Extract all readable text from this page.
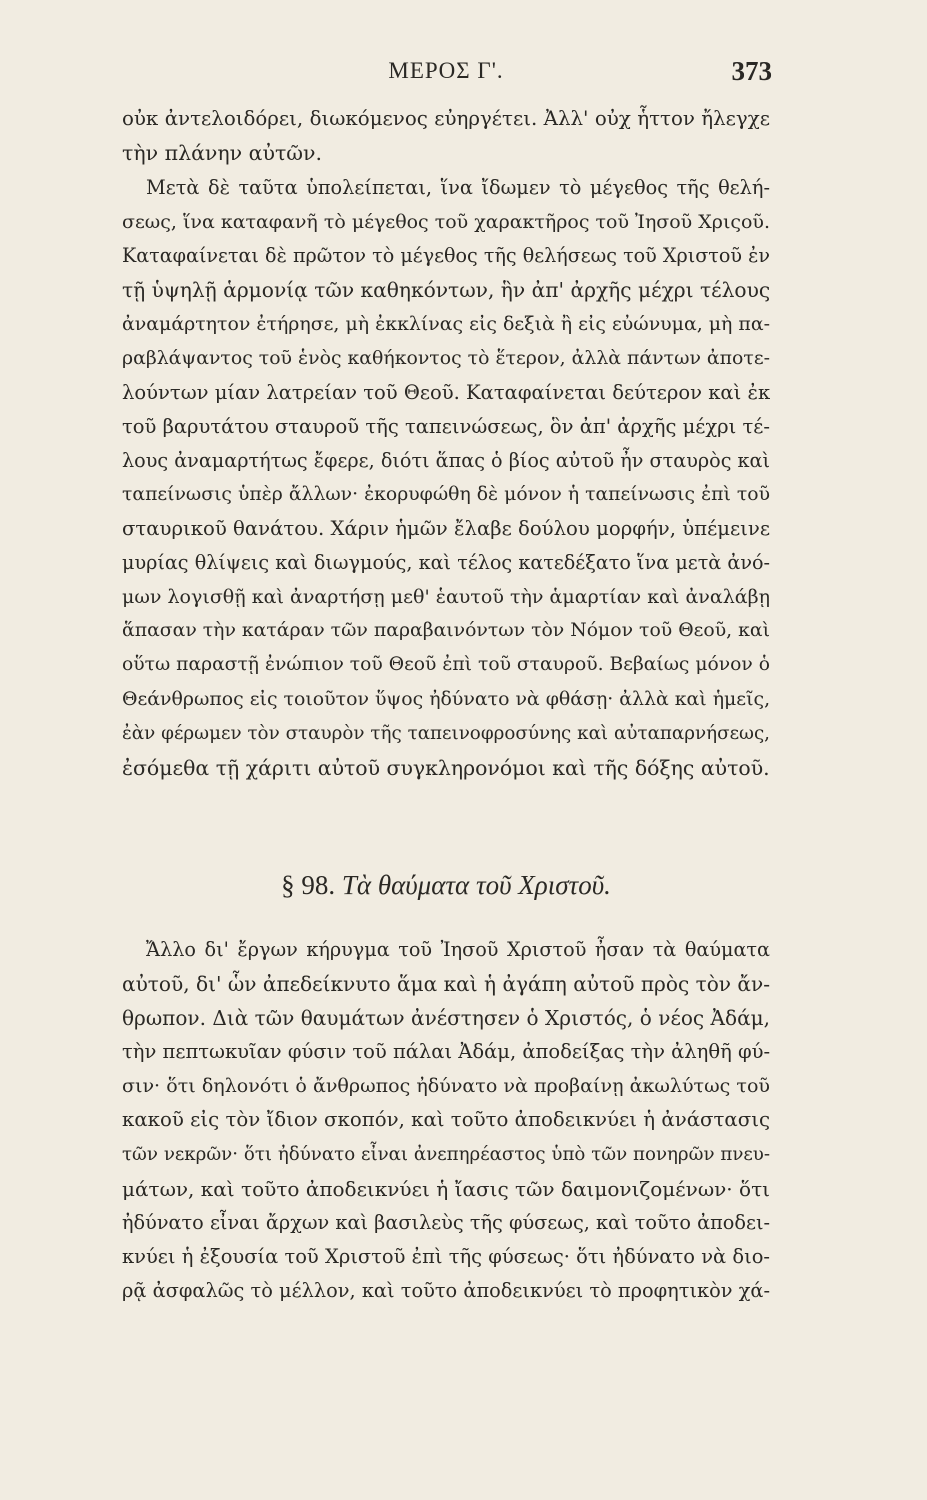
ΜΕΡΟΣ Γ'.	373
οὐκ ἀντελοιδόρει, διωκόμενος εὐηργέτει. Ἀλλ' οὐχ ἧττον ἤλεγχε
τὴν πλάνην αὐτῶν.
Μετὰ δὲ ταῦτα ὑπολείπεται, ἵνα ἴδωμεν τὸ μέγεθος τῆς θελή-
σεως, ἵνα καταφανῆ τὸ μέγεθος τοῦ χαρακτῆρος τοῦ Ἰησοῦ Χριςοῦ.
Καταφαίνεται δὲ πρῶτον τὸ μέγεθος τῆς θελήσεως τοῦ Χριστοῦ ἐν
τῇ ὑψηλῇ ἁρμονίᾳ τῶν καθηκόντων, ἣν ἀπ' ἀρχῆς μέχρι τέλους
ἀναμάρτητον ἐτήρησε, μὴ ἐκκλίνας εἰς δεξιὰ ἢ εἰς εὐώνυμα, μὴ πα-
ραβλάψαντος τοῦ ἑνὸς καθήκοντος τὸ ἕτερον, ἀλλὰ πάντων ἀποτε-
λούντων μίαν λατρείαν τοῦ Θεοῦ. Καταφαίνεται δεύτερον καὶ ἐκ
τοῦ βαρυτάτου σταυροῦ τῆς ταπεινώσεως, ὃν ἀπ' ἀρχῆς μέχρι τέ-
λους ἀναμαρτήτως ἔφερε, διότι ἅπας ὁ βίος αὐτοῦ ἦν σταυρὸς καὶ
ταπείνωσις ὑπὲρ ἄλλων· ἐκορυφώθη δὲ μόνον ἡ ταπείνωσις ἐπὶ τοῦ
σταυρικοῦ θανάτου. Χάριν ἡμῶν ἔλαβε δούλου μορφήν, ὑπέμεινε
μυρίας θλίψεις καὶ διωγμούς, καὶ τέλος κατεδέξατο ἵνα μετὰ ἀνό-
μων λογισθῇ καὶ ἀναρτήσῃ μεθ' ἑαυτοῦ τὴν ἁμαρτίαν καὶ ἀναλάβῃ
ἅπασαν τὴν κατάραν τῶν παραβαινόντων τὸν Νόμον τοῦ Θεοῦ, καὶ
οὕτω παραστῇ ἐνώπιον τοῦ Θεοῦ ἐπὶ τοῦ σταυροῦ. Βεβαίως μόνον ὁ
Θεάνθρωπος εἰς τοιοῦτον ὕψος ἠδύνατο νὰ φθάσῃ· ἀλλὰ καὶ ἡμεῖς,
ἐὰν φέρωμεν τὸν σταυρὸν τῆς ταπεινοφροσύνης καὶ αὐταπαρνήσεως,
ἐσόμεθα τῇ χάριτι αὐτοῦ συγκληρονόμοι καὶ τῆς δόξης αὐτοῦ.
§ 98. Τὰ θαύματα τοῦ Χριστοῦ.
Ἄλλο δι' ἔργων κήρυγμα τοῦ Ἰησοῦ Χριστοῦ ἦσαν τὰ θαύματα
αὐτοῦ, δι' ὧν ἀπεδείκνυτο ἅμα καὶ ἡ ἀγάπη αὐτοῦ πρὸς τὸν ἄν-
θρωπον. Διὰ τῶν θαυμάτων ἀνέστησεν ὁ Χριστός, ὁ νέος Ἀδάμ,
τὴν πεπτωκυῖαν φύσιν τοῦ πάλαι Ἀδάμ, ἀποδείξας τὴν ἀληθῆ φύ-
σιν· ὅτι δηλονότι ὁ ἄνθρωπος ἠδύνατο νὰ προβαίνῃ ἀκωλύτως τοῦ
κακοῦ εἰς τὸν ἴδιον σκοπόν, καὶ τοῦτο ἀποδεικνύει ἡ ἀνάστασις
τῶν νεκρῶν· ὅτι ἠδύνατο εἶναι ἀνεπηρέαστος ὑπὸ τῶν πονηρῶν πνευ-
μάτων, καὶ τοῦτο ἀποδεικνύει ἡ ἴασις τῶν δαιμονιζομένων· ὅτι
ἠδύνατο εἶναι ἄρχων καὶ βασιλεὺς τῆς φύσεως, καὶ τοῦτο ἀποδει-
κνύει ἡ ἐξουσία τοῦ Χριστοῦ ἐπὶ τῆς φύσεως· ὅτι ἠδύνατο νὰ διο-
ρᾷ ἀσφαλῶς τὸ μέλλον, καὶ τοῦτο ἀποδεικνύει τὸ προφητικὸν χά-
